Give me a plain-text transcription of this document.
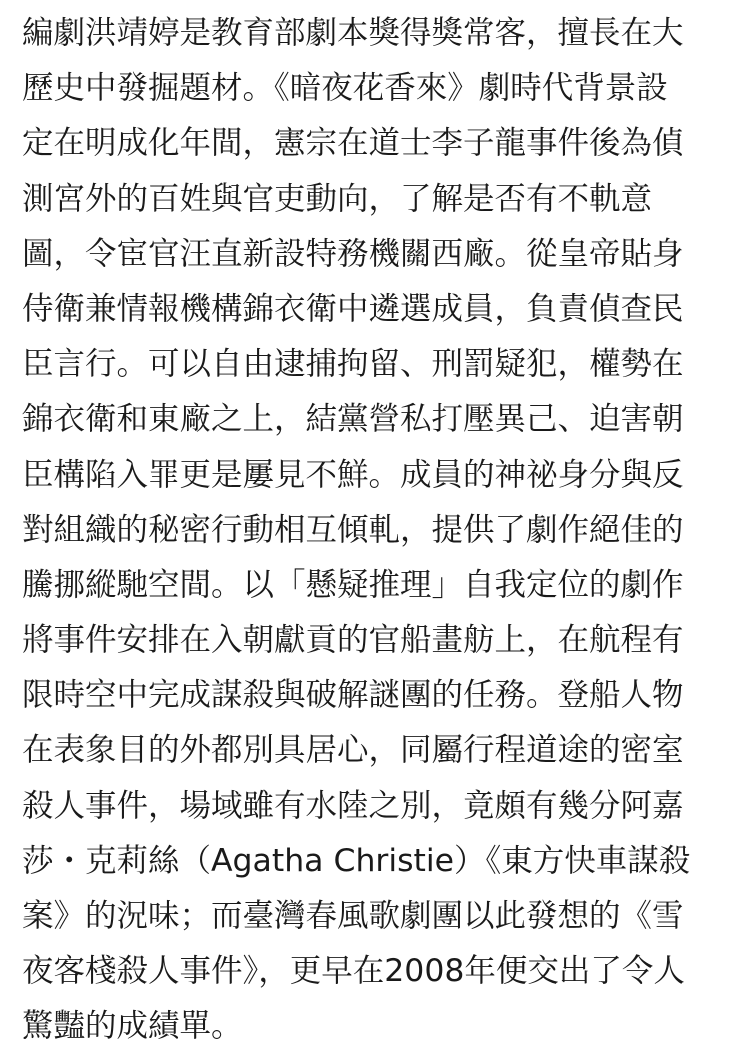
編劇洪靖婷是教育部劇本獎得獎常客，擅長在大
歷史中發掘題材。《暗夜花香來》劇時代背景設
定在明成化年間，憲宗在道士李子龍事件後為偵
測宮外的百姓與官吏動向，了解是否有不軌意
圖，令宦官汪直新設特務機關西廠。從皇帝貼身
侍衛兼情報機構錦衣衛中遴選成員，負責偵查民
臣言行。可以自由逮捕拘留、刑罰疑犯，權勢在
錦衣衛和東廠之上，結黨營私打壓異己、迫害朝
臣構陷入罪更是屢見不鮮。成員的神祕身分與反
對組織的秘密行動相互傾軋，提供了劇作絕佳的
騰挪縱馳空間。以「懸疑推理」自我定位的劇作
將事件安排在入朝獻貢的官船畫舫上，在航程有
限時空中完成謀殺與破解謎團的任務。登船人物
在表象目的外都別具居心，同屬行程道途的密室
殺人事件，場域雖有水陸之別，竟頗有幾分阿嘉
莎・克莉絲（Agatha Christie）《東方快車謀殺
案》的況味；而臺灣春風歌劇團以此發想的《雪
夜客棧殺人事件》，更早在2008年便交出了令人
驚豔的成績單。
